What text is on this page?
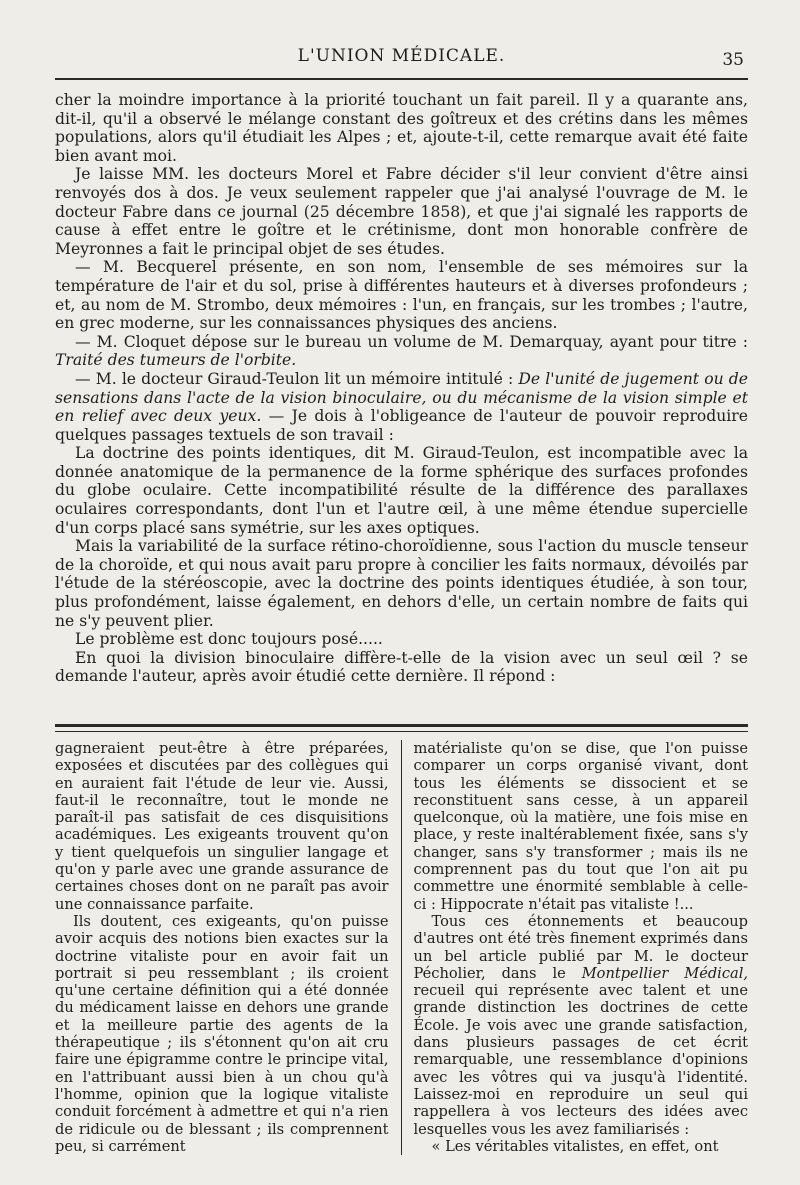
L'UNION MÉDICALE.	35

cher la moindre importance à la priorité touchant un fait pareil. Il y a quarante ans, dit-il, qu'il a observé le mélange constant des goîtreux et des crétins dans les mêmes populations, alors qu'il étudiait les Alpes ; et, ajoute-t-il, cette remarque avait été faite bien avant moi.

Je laisse MM. les docteurs Morel et Fabre décider s'il leur convient d'être ainsi renvoyés dos à dos. Je veux seulement rappeler que j'ai analysé l'ouvrage de M. le docteur Fabre dans ce journal (25 décembre 1858), et que j'ai signalé les rapports de cause à effet entre le goître et le crétinisme, dont mon honorable confrère de Meyronnes a fait le principal objet de ses études.

— M. Becquerel présente, en son nom, l'ensemble de ses mémoires sur la température de l'air et du sol, prise à différentes hauteurs et à diverses profondeurs ; et, au nom de M. Strombo, deux mémoires : l'un, en français, sur les trombes ; l'autre, en grec moderne, sur les connaissances physiques des anciens.

— M. Cloquet dépose sur le bureau un volume de M. Demarquay, ayant pour titre : Traité des tumeurs de l'orbite.

— M. le docteur Giraud-Teulon lit un mémoire intitulé : De l'unité de jugement ou de sensations dans l'acte de la vision binoculaire, ou du mécanisme de la vision simple et en relief avec deux yeux. — Je dois à l'obligeance de l'auteur de pouvoir reproduire quelques passages textuels de son travail :

La doctrine des points identiques, dit M. Giraud-Teulon, est incompatible avec la donnée anatomique de la permanence de la forme sphérique des surfaces profondes du globe oculaire. Cette incompatibilité résulte de la différence des parallaxes oculaires correspondants, dont l'un et l'autre œil, à une même étendue supercielle d'un corps placé sans symétrie, sur les axes optiques.

Mais la variabilité de la surface rétino-choroïdienne, sous l'action du muscle tenseur de la choroïde, et qui nous avait paru propre à concilier les faits normaux, dévoilés par l'étude de la stéréoscopie, avec la doctrine des points identiques étudiée, à son tour, plus profondément, laisse également, en dehors d'elle, un certain nombre de faits qui ne s'y peuvent plier.

Le problème est donc toujours posé.....

En quoi la division binoculaire diffère-t-elle de la vision avec un seul œil ? se demande l'auteur, après avoir étudié cette dernière. Il répond :

gagneraient peut-être à être préparées, exposées et discutées par des collègues qui en auraient fait l'étude de leur vie. Aussi, faut-il le reconnaître, tout le monde ne paraît-il pas satisfait de ces disquisitions académiques. Les exigeants trouvent qu'on y tient quelquefois un singulier langage et qu'on y parle avec une grande assurance de certaines choses dont on ne paraît pas avoir une connaissance parfaite.

Ils doutent, ces exigeants, qu'on puisse avoir acquis des notions bien exactes sur la doctrine vitaliste pour en avoir fait un portrait si peu ressemblant ; ils croient qu'une certaine définition qui a été donnée du médicament laisse en dehors une grande et la meilleure partie des agents de la thérapeutique ; ils s'étonnent qu'on ait cru faire une épigramme contre le principe vital, en l'attribuant aussi bien à un chou qu'à l'homme, opinion que la logique vitaliste conduit forcément à admettre et qui n'a rien de ridicule ou de blessant ; ils comprennent peu, si carrément

matérialiste qu'on se dise, que l'on puisse comparer un corps organisé vivant, dont tous les éléments se dissocient et se reconstituent sans cesse, à un appareil quelconque, où la matière, une fois mise en place, y reste inaltérablement fixée, sans s'y changer, sans s'y transformer ; mais ils ne comprennent pas du tout que l'on ait pu commettre une énormité semblable à celle-ci : Hippocrate n'était pas vitaliste !...

Tous ces étonnements et beaucoup d'autres ont été très finement exprimés dans un bel article publié par M. le docteur Pécholier, dans le Montpellier Médical, recueil qui représente avec talent et une grande distinction les doctrines de cette École. Je vois avec une grande satisfaction, dans plusieurs passages de cet écrit remarquable, une ressemblance d'opinions avec les vôtres qui va jusqu'à l'identité. Laissez-moi en reproduire un seul qui rappellera à vos lecteurs des idées avec lesquelles vous les avez familiarisés :

« Les véritables vitalistes, en effet, ont
